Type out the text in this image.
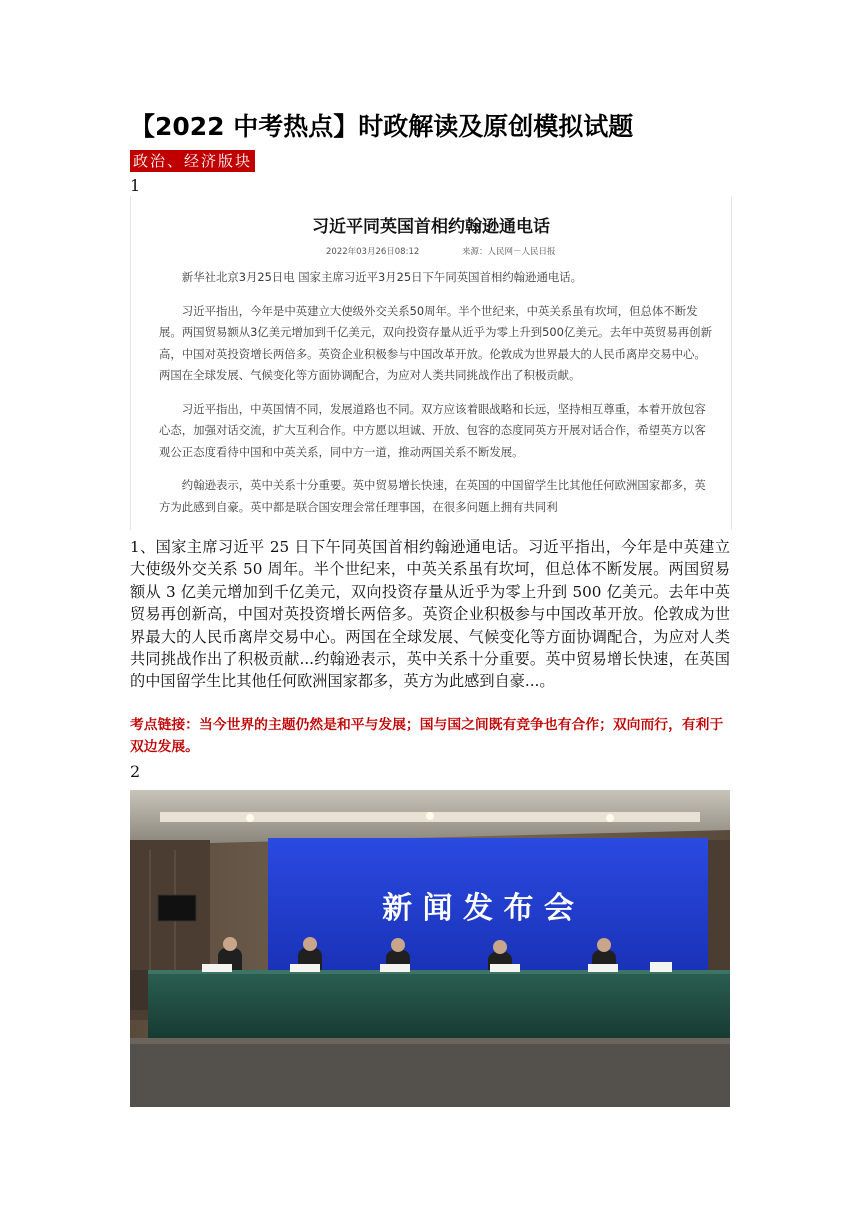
【2022 中考热点】时政解读及原创模拟试题
政治、经济版块
1
习近平同英国首相约翰逊通电话
2022年03月26日08:12	来源：人民网－人民日报

新华社北京3月25日电 国家主席习近平3月25日下午同英国首相约翰逊通电话。

习近平指出，今年是中英建立大使级外交关系50周年。半个世纪来，中英关系虽有坎坷，但总体不断发展。两国贸易额从3亿美元增加到千亿美元，双向投资存量从近乎为零上升到500亿美元。去年中英贸易再创新高，中国对英投资增长两倍多。英资企业积极参与中国改革开放。伦敦成为世界最大的人民币离岸交易中心。两国在全球发展、气候变化等方面协调配合，为应对人类共同挑战作出了积极贡献。

习近平指出，中英国情不同，发展道路也不同。双方应该着眼战略和长远，坚持相互尊重，本着开放包容心态，加强对话交流，扩大互利合作。中方愿以坦诚、开放、包容的态度同英方开展对话合作，希望英方以客观公正态度看待中国和中英关系，同中方一道，推动两国关系不断发展。

约翰逊表示，英中关系十分重要。英中贸易增长快速，在英国的中国留学生比其他任何欧洲国家都多，英方为此感到自豪。英中都是联合国安理会常任理事国，在很多问题上拥有共同利

1、国家主席习近平 25 日下午同英国首相约翰逊通电话。习近平指出，今年是中英建立大使级外交关系 50 周年。半个世纪来，中英关系虽有坎坷，但总体不断发展。两国贸易额从 3 亿美元增加到千亿美元，双向投资存量从近乎为零上升到 500 亿美元。去年中英贸易再创新高，中国对英投资增长两倍多。英资企业积极参与中国改革开放。伦敦成为世界最大的人民币离岸交易中心。两国在全球发展、气候变化等方面协调配合，为应对人类共同挑战作出了积极贡献...约翰逊表示，英中关系十分重要。英中贸易增长快速，在英国的中国留学生比其他任何欧洲国家都多，英方为此感到自豪...。
考点链接：当今世界的主题仍然是和平与发展；国与国之间既有竞争也有合作；双向而行，有利于双边发展。
2
新 闻 发 布 会
